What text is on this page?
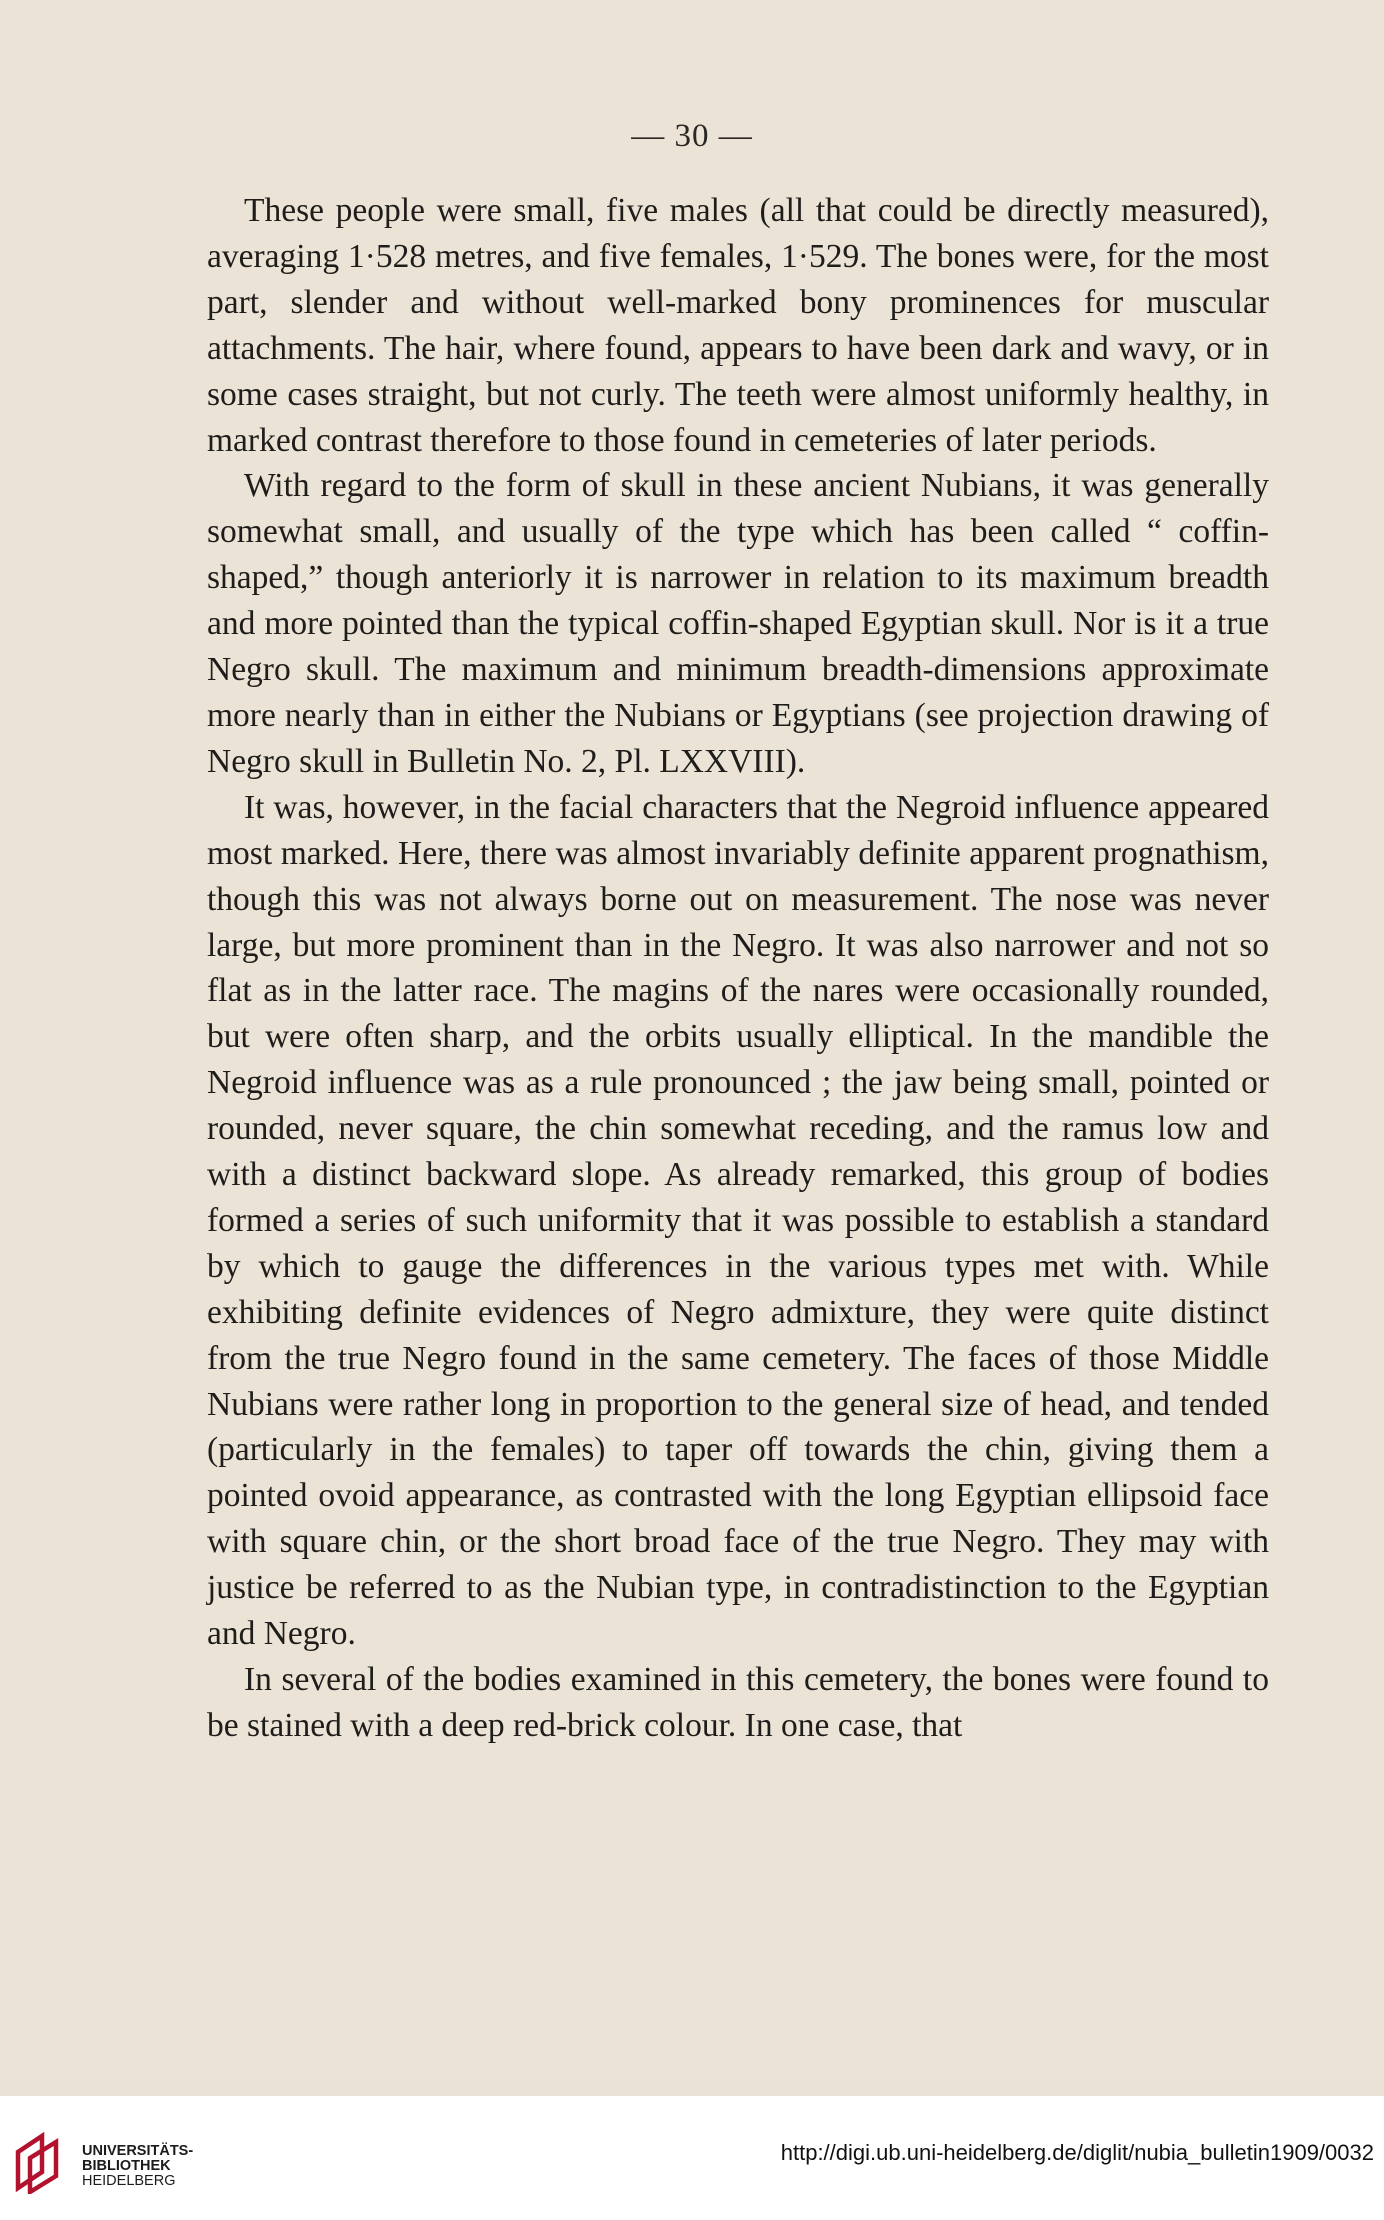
— 30 —

These people were small, five males (all that could be directly measured), averaging 1·528 metres, and five females, 1·529. The bones were, for the most part, slender and without well-marked bony prominences for muscular attachments. The hair, where found, appears to have been dark and wavy, or in some cases straight, but not curly. The teeth were almost uniformly healthy, in marked contrast therefore to those found in cemeteries of later periods.

With regard to the form of skull in these ancient Nubians, it was generally somewhat small, and usually of the type which has been called “ coffin-shaped,” though anteriorly it is narrower in relation to its maximum breadth and more pointed than the typical coffin-shaped Egyptian skull. Nor is it a true Negro skull. The maximum and minimum breadth-dimensions approximate more nearly than in either the Nubians or Egyptians (see projection drawing of Negro skull in Bulletin No. 2, Pl. LXXVIII).

It was, however, in the facial characters that the Negroid influence appeared most marked. Here, there was almost invariably definite apparent prognathism, though this was not always borne out on measurement. The nose was never large, but more prominent than in the Negro. It was also narrower and not so flat as in the latter race. The magins of the nares were occasionally rounded, but were often sharp, and the orbits usually elliptical. In the mandible the Negroid influence was as a rule pronounced ; the jaw being small, pointed or rounded, never square, the chin somewhat receding, and the ramus low and with a distinct backward slope. As already remarked, this group of bodies formed a series of such uniformity that it was possible to establish a standard by which to gauge the differences in the various types met with. While exhibiting definite evidences of Negro admixture, they were quite distinct from the true Negro found in the same cemetery. The faces of those Middle Nubians were rather long in proportion to the general size of head, and tended (particularly in the females) to taper off towards the chin, giving them a pointed ovoid appearance, as contrasted with the long Egyptian ellipsoid face with square chin, or the short broad face of the true Negro. They may with justice be referred to as the Nubian type, in contradistinction to the Egyptian and Negro.

In several of the bodies examined in this cemetery, the bones were found to be stained with a deep red-brick colour. In one case, that

UNIVERSITÄTS-
BIBLIOTHEK
HEIDELBERG
http://digi.ub.uni-heidelberg.de/diglit/nubia_bulletin1909/0032
